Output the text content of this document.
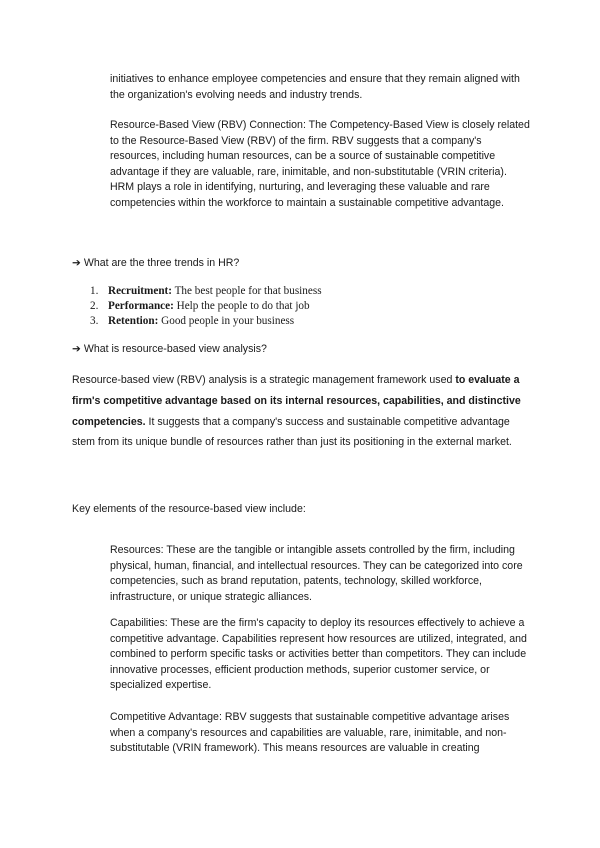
initiatives to enhance employee competencies and ensure that they remain aligned with the organization's evolving needs and industry trends.
Resource-Based View (RBV) Connection: The Competency-Based View is closely related to the Resource-Based View (RBV) of the firm. RBV suggests that a company's resources, including human resources, can be a source of sustainable competitive advantage if they are valuable, rare, inimitable, and non-substitutable (VRIN criteria). HRM plays a role in identifying, nurturing, and leveraging these valuable and rare competencies within the workforce to maintain a sustainable competitive advantage.
➔ What are the three trends in HR?
1. Recruitment: The best people for that business
2. Performance: Help the people to do that job
3. Retention: Good people in your business
➔ What is resource-based view analysis?
Resource-based view (RBV) analysis is a strategic management framework used to evaluate a firm's competitive advantage based on its internal resources, capabilities, and distinctive competencies. It suggests that a company's success and sustainable competitive advantage stem from its unique bundle of resources rather than just its positioning in the external market.
Key elements of the resource-based view include:
Resources: These are the tangible or intangible assets controlled by the firm, including physical, human, financial, and intellectual resources. They can be categorized into core competencies, such as brand reputation, patents, technology, skilled workforce, infrastructure, or unique strategic alliances.
Capabilities: These are the firm's capacity to deploy its resources effectively to achieve a competitive advantage. Capabilities represent how resources are utilized, integrated, and combined to perform specific tasks or activities better than competitors. They can include innovative processes, efficient production methods, superior customer service, or specialized expertise.
Competitive Advantage: RBV suggests that sustainable competitive advantage arises when a company's resources and capabilities are valuable, rare, inimitable, and non-substitutable (VRIN framework). This means resources are valuable in creating
